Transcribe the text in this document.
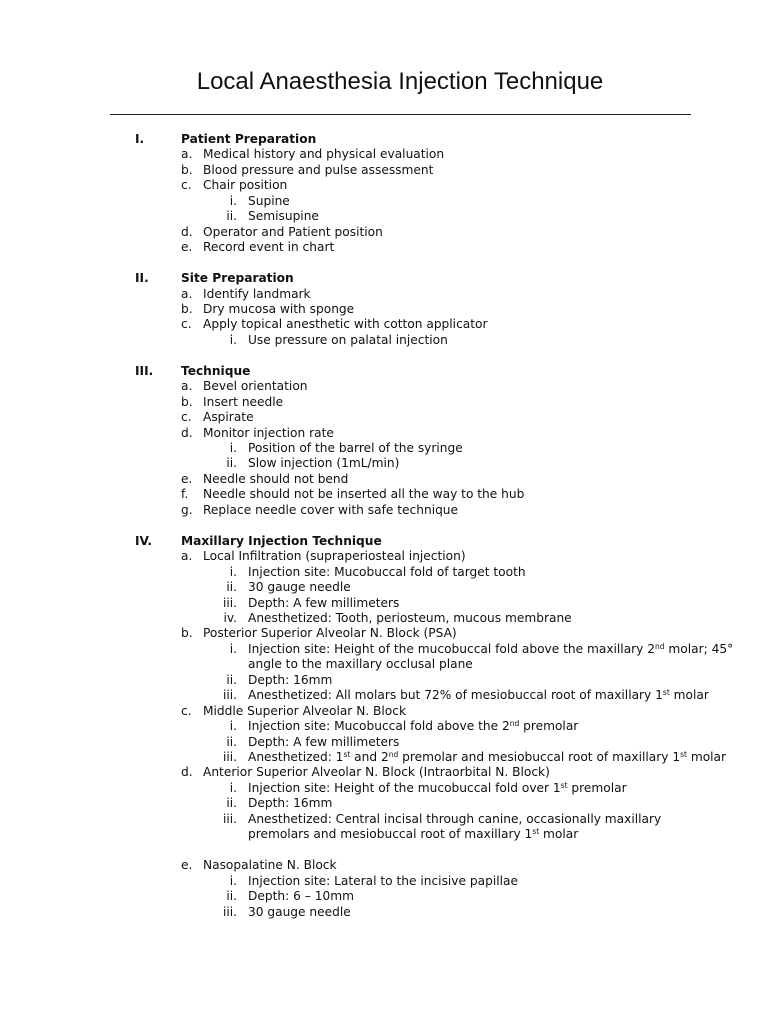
Local Anaesthesia Injection Technique
I.	Patient Preparation
a. Medical history and physical evaluation
b. Blood pressure and pulse assessment
c. Chair position
i. Supine
ii. Semisupine
d. Operator and Patient position
e. Record event in chart
II.	Site Preparation
a. Identify landmark
b. Dry mucosa with sponge
c. Apply topical anesthetic with cotton applicator
i. Use pressure on palatal injection
III. Technique
a. Bevel orientation
b. Insert needle
c. Aspirate
d. Monitor injection rate
i. Position of the barrel of the syringe
ii. Slow injection (1mL/min)
e. Needle should not bend
f. Needle should not be inserted all the way to the hub
g. Replace needle cover with safe technique
IV. Maxillary Injection Technique
a. Local Infiltration (supraperiosteal injection)
i. Injection site: Mucobuccal fold of target tooth
ii. 30 gauge needle
iii. Depth: A few millimeters
iv. Anesthetized: Tooth, periosteum, mucous membrane
b. Posterior Superior Alveolar N. Block (PSA)
i. Injection site: Height of the mucobuccal fold above the maxillary 2nd molar; 45°
angle to the maxillary occlusal plane
ii. Depth: 16mm
iii. Anesthetized: All molars but 72% of mesiobuccal root of maxillary 1st molar
c. Middle Superior Alveolar N. Block
i. Injection site: Mucobuccal fold above the 2nd premolar
ii. Depth: A few millimeters
iii. Anesthetized: 1st and 2nd premolar and mesiobuccal root of maxillary 1st molar
d. Anterior Superior Alveolar N. Block (Intraorbital N. Block)
i. Injection site: Height of the mucobuccal fold over 1st premolar
ii. Depth: 16mm
iii. Anesthetized: Central incisal through canine, occasionally maxillary
premolars and mesiobuccal root of maxillary 1st molar
e. Nasopalatine N. Block
i. Injection site: Lateral to the incisive papillae
ii. Depth: 6 – 10mm
iii. 30 gauge needle
